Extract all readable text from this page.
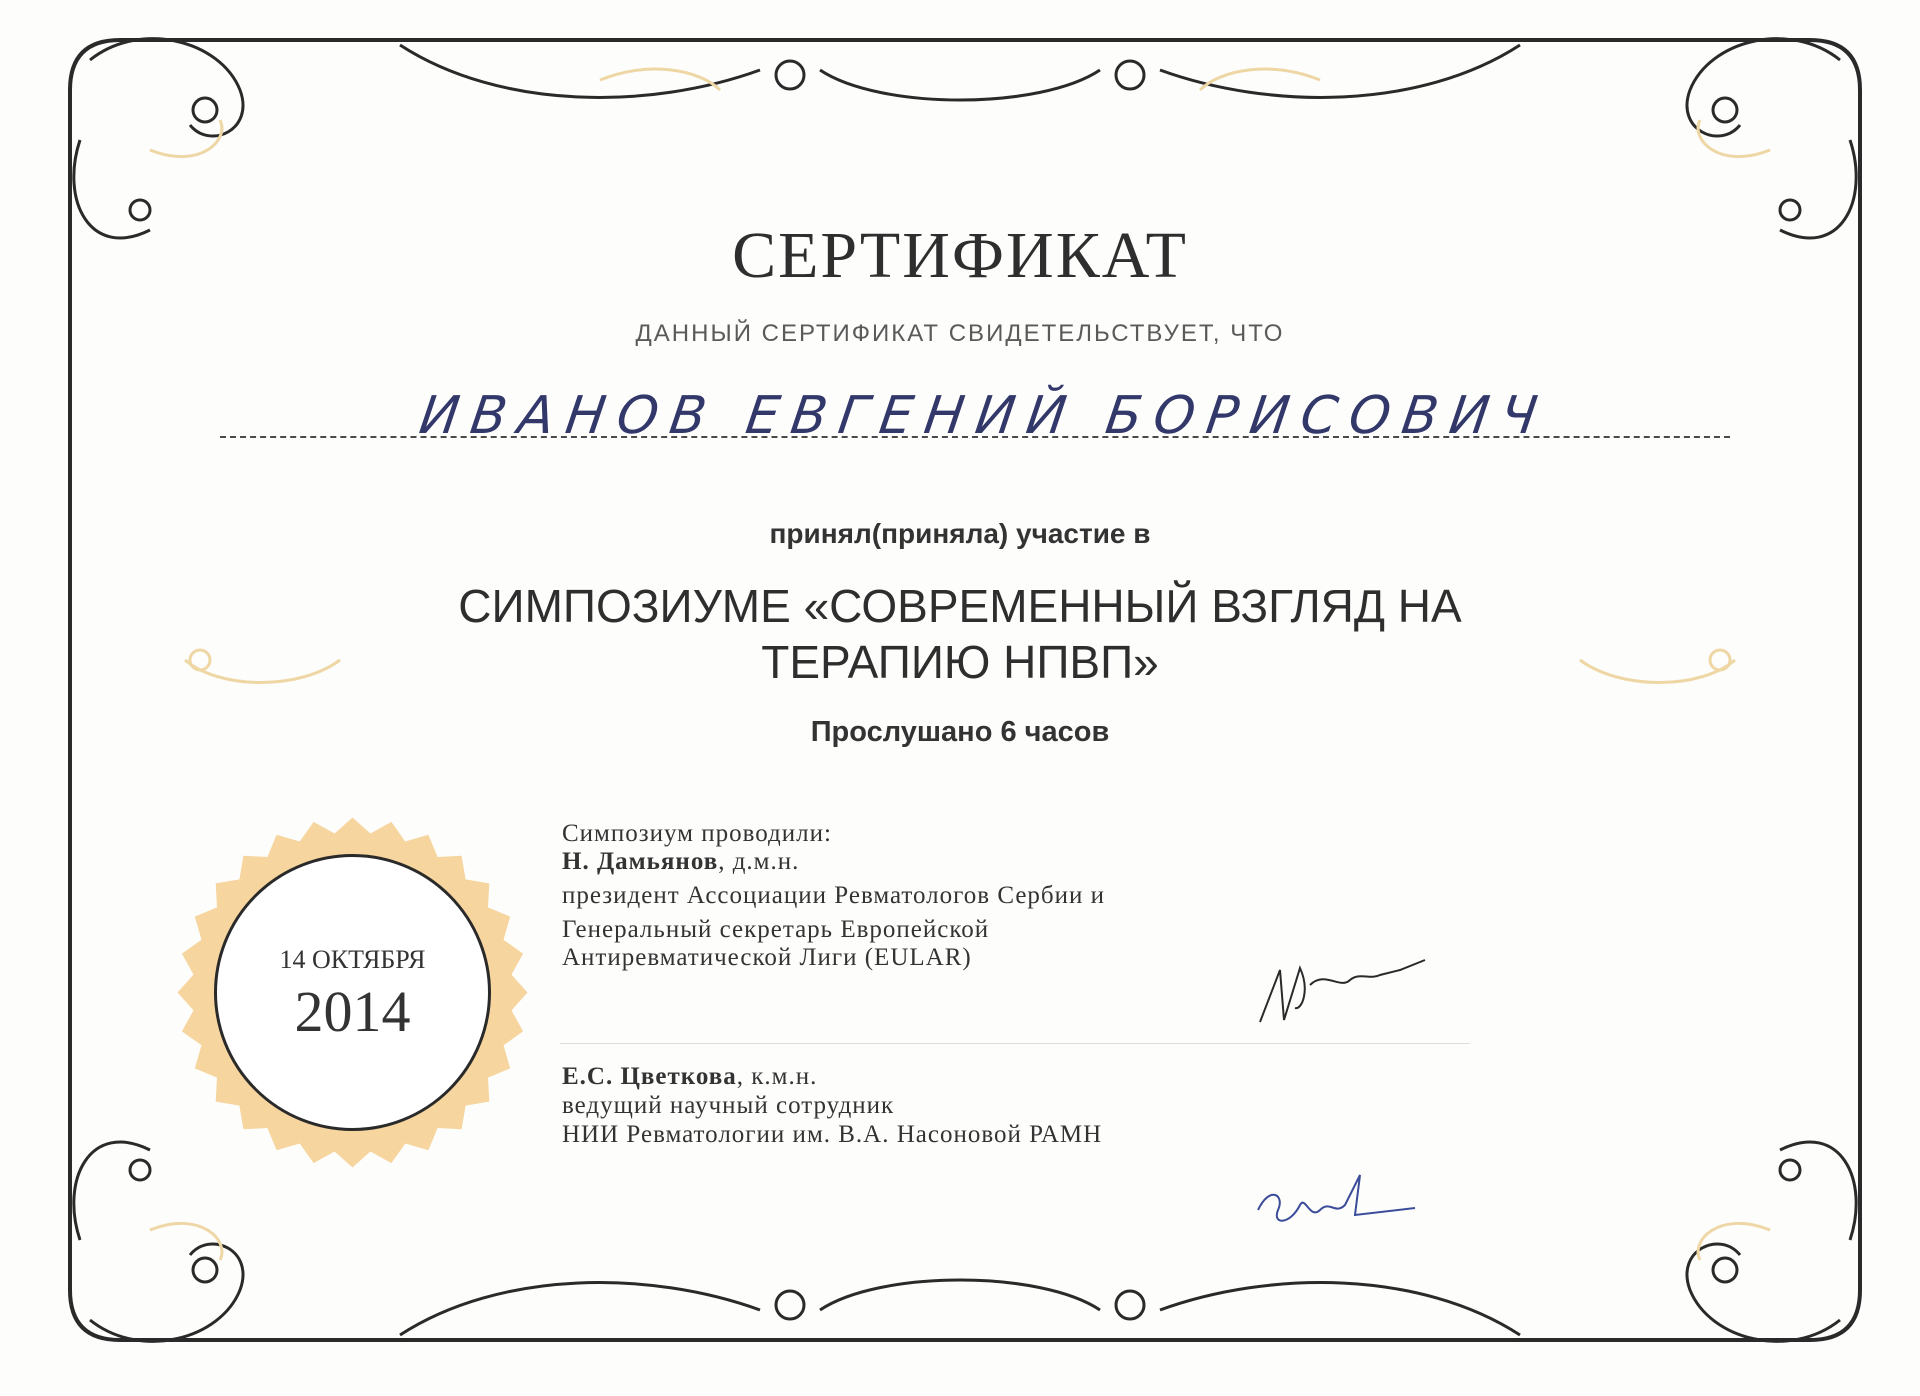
СЕРТИФИКАТ
ДАННЫЙ СЕРТИФИКАТ СВИДЕТЕЛЬСТВУЕТ, ЧТО
ИВАНОВ ЕВГЕНИЙ БОРИСОВИЧ
принял(приняла) участие в
СИМПОЗИУМЕ «СОВРЕМЕННЫЙ ВЗГЛЯД НА
ТЕРАПИЮ НПВП»
Прослушано 6 часов
14 ОКТЯБРЯ
2014
Симпозиум проводили:
Н. Дамьянов, д.м.н.
президент Ассоциации Ревматологов Сербии и
Генеральный секретарь Европейской
Антиревматической Лиги (EULAR)
Е.С. Цветкова, к.м.н.
ведущий научный сотрудник
НИИ Ревматологии им. В.А. Насоновой РАМН
